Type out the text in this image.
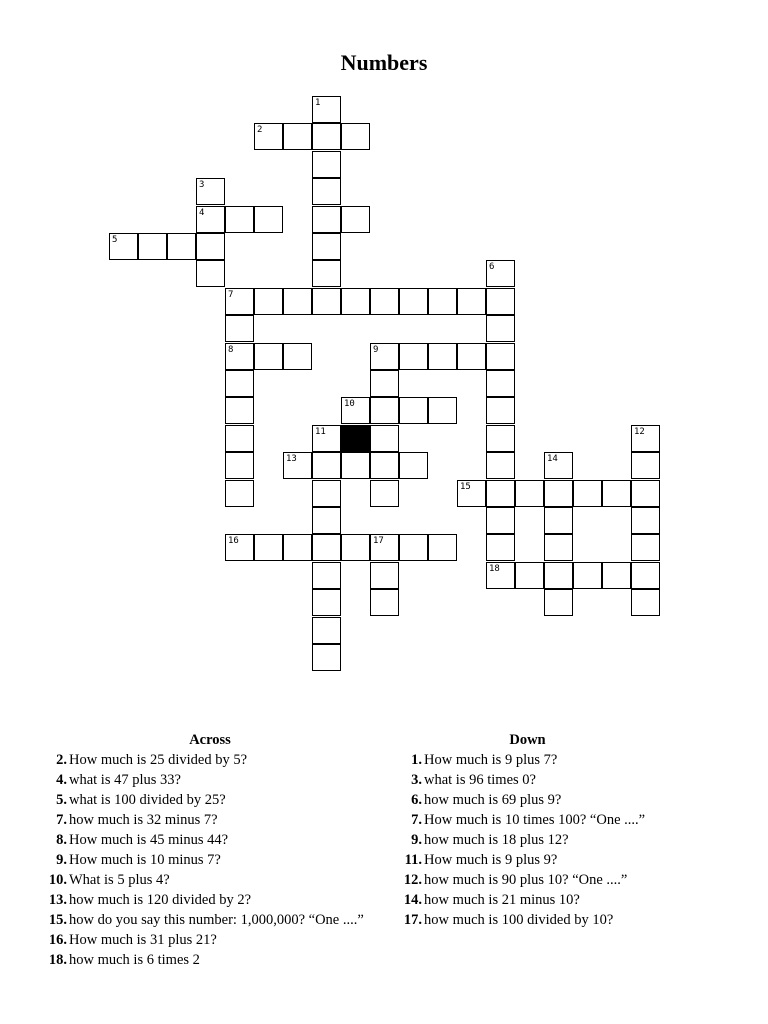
Numbers
1
2
3
4
5
7
6
8	9
10
11
13
15
14
12
16	17
18
Across
2. How much is 25 divided by 5?
4. what is 47 plus 33?
5. what is 100 divided by 25?
7. how much is 32 minus 7?
8. How much is 45 minus 44?
9. How much is 10 minus 7?
10. What is 5 plus 4?
13. how much is 120 divided by 2?
15. how do you say this number: 1,000,000? “One ....”
16. How much is 31 plus 21?
18. how much is 6 times 2
Down
1. How much is 9 plus 7?
3. what is 96 times 0?
6. how much is 69 plus 9?
7. How much is 10 times 100? “One ....”
9. how much is 18 plus 12?
11. How much is 9 plus 9?
12. how much is 90 plus 10? “One ....”
14. how much is 21 minus 10?
17. how much is 100 divided by 10?
